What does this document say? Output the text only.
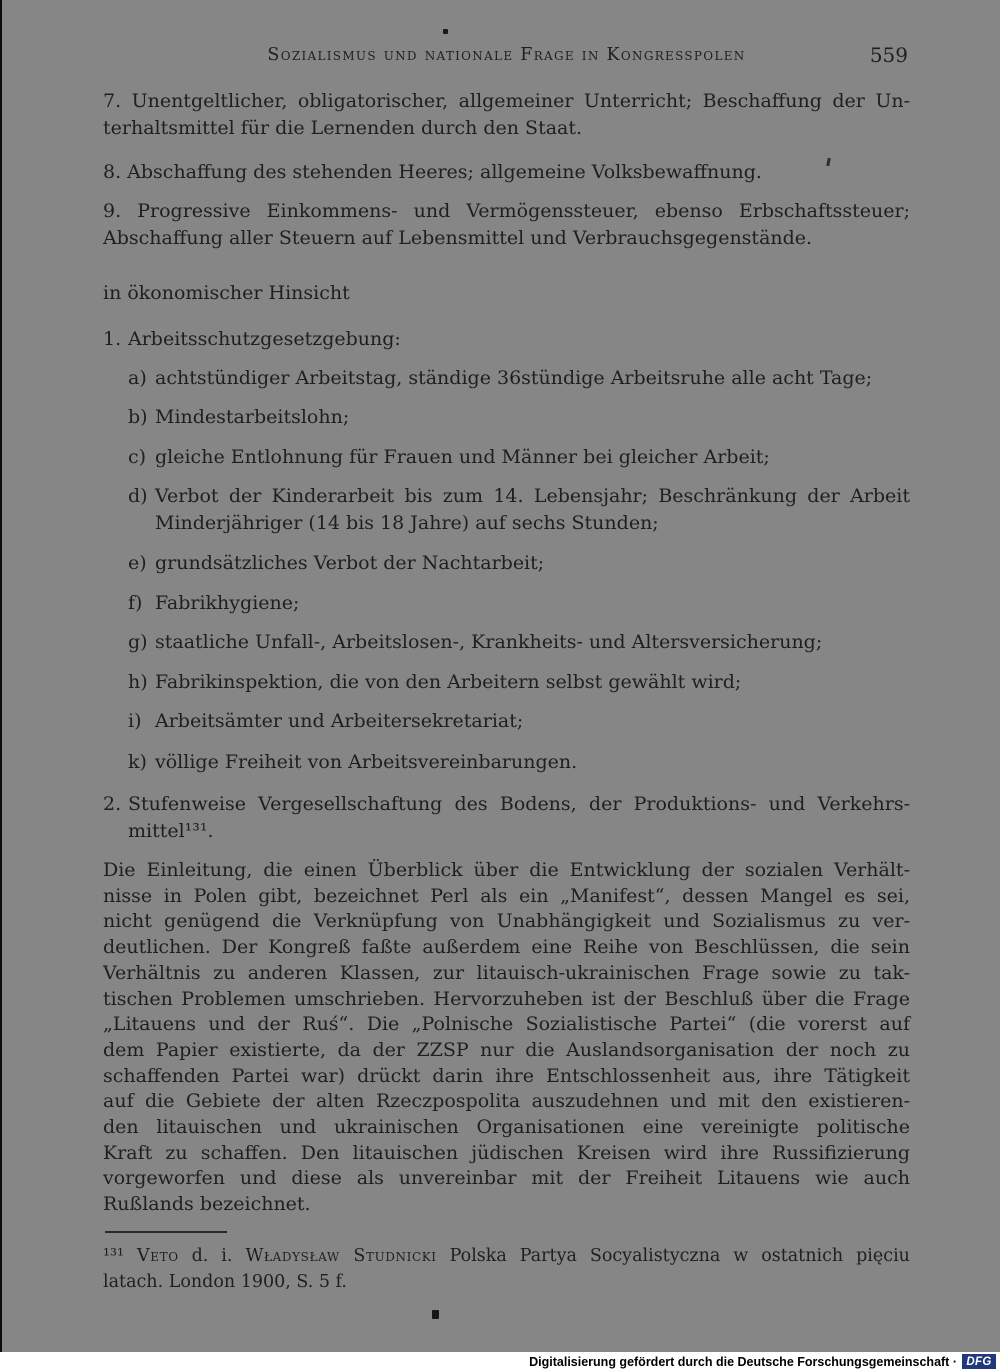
Sozialismus und nationale Frage in Kongresspolen	559
7. Unentgeltlicher, obligatorischer, allgemeiner Unterricht; Beschaffung der Un-
terhaltsmittel für die Lernenden durch den Staat.
8. Abschaffung des stehenden Heeres; allgemeine Volksbewaffnung.
9. Progressive Einkommens- und Vermögenssteuer, ebenso Erbschaftssteuer;
Abschaffung aller Steuern auf Lebensmittel und Verbrauchsgegenstände.
in ökonomischer Hinsicht
1. Arbeitsschutzgesetzgebung:
a) achtstündiger Arbeitstag, ständige 36stündige Arbeitsruhe alle acht Tage;
b) Mindestarbeitslohn;
c) gleiche Entlohnung für Frauen und Männer bei gleicher Arbeit;
d) Verbot der Kinderarbeit bis zum 14. Lebensjahr; Beschränkung der Arbeit
Minderjähriger (14 bis 18 Jahre) auf sechs Stunden;
e) grundsätzliches Verbot der Nachtarbeit;
f) Fabrikhygiene;
g) staatliche Unfall-, Arbeitslosen-, Krankheits- und Altersversicherung;
h) Fabrikinspektion, die von den Arbeitern selbst gewählt wird;
i) Arbeitsämter und Arbeitersekretariat;
k) völlige Freiheit von Arbeitsvereinbarungen.
2. Stufenweise Vergesellschaftung des Bodens, der Produktions- und Verkehrs-
mittel¹³¹.
Die Einleitung, die einen Überblick über die Entwicklung der sozialen Verhält-
nisse in Polen gibt, bezeichnet Perl als ein „Manifest“, dessen Mangel es sei,
nicht genügend die Verknüpfung von Unabhängigkeit und Sozialismus zu ver-
deutlichen. Der Kongreß faßte außerdem eine Reihe von Beschlüssen, die sein
Verhältnis zu anderen Klassen, zur litauisch-ukrainischen Frage sowie zu tak-
tischen Problemen umschrieben. Hervorzuheben ist der Beschluß über die Frage
„Litauens und der Ruś“. Die „Polnische Sozialistische Partei“ (die vorerst auf
dem Papier existierte, da der ZZSP nur die Auslandsorganisation der noch zu
schaffenden Partei war) drückt darin ihre Entschlossenheit aus, ihre Tätigkeit
auf die Gebiete der alten Rzeczpospolita auszudehnen und mit den existieren-
den litauischen und ukrainischen Organisationen eine vereinigte politische
Kraft zu schaffen. Den litauischen jüdischen Kreisen wird ihre Russifizierung
vorgeworfen und diese als unvereinbar mit der Freiheit Litauens wie auch
Rußlands bezeichnet.
¹³¹ Veto d. i. Władysław Studnicki Polska Partya Socyalistyczna w ostatnich pięciu
latach. London 1900, S. 5 f.
Digitalisierung gefördert durch die Deutsche Forschungsgemeinschaft · DFG
